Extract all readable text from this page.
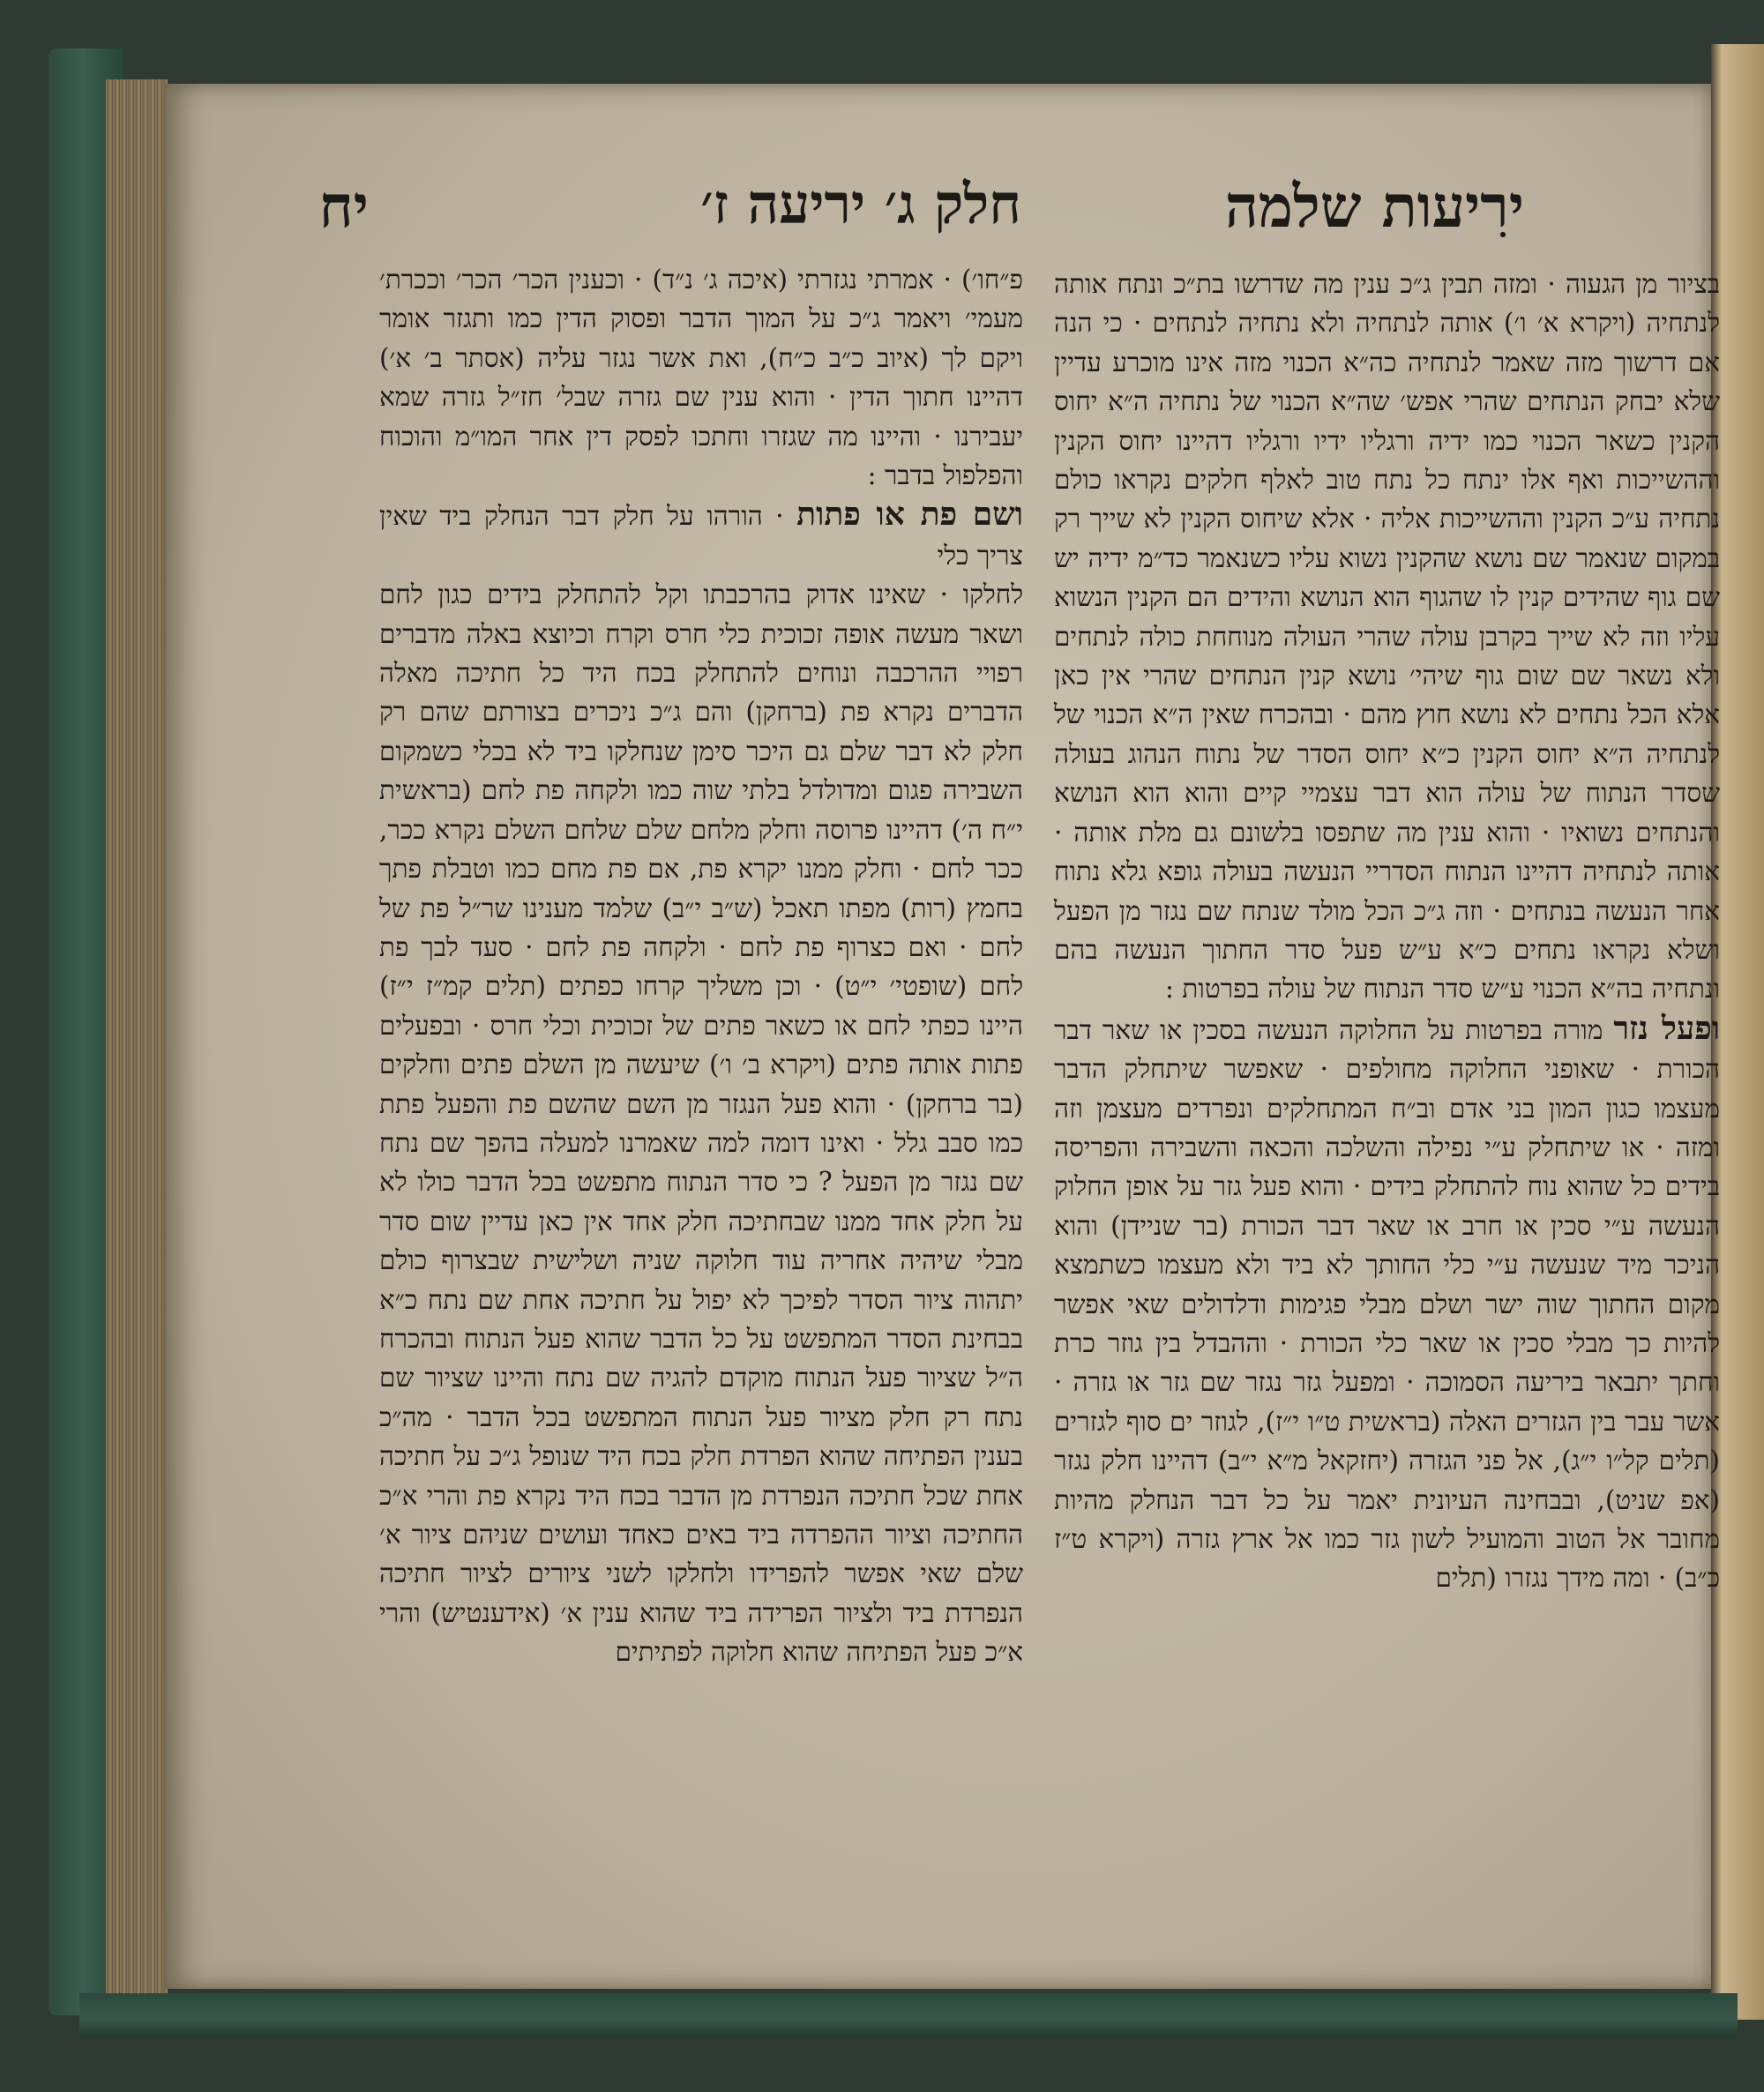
ירִיעות שלמה
חלק ג׳ יריעה ז׳
יח

בציור מן הגעוה · ומזה תבין ג״כ ענין מה שדרשו בת״כ ונתח אותה לנתחיה (ויקרא א׳ ו׳) אותה לנתחיה ולא נתחיה לנתחים · כי הנה אם דרשוך מזה שאמר לנתחיה כה״א הכנוי מזה אינו מוכרע עדיין שלא יבחק הנתחים שהרי אפש׳ שה״א הכנוי של נתחיה ה״א יחוס הקנין כשאר הכנוי כמו ידיה ורגליו ידיו ורגליו דהיינו יחוס הקנין וההשייכות ואף אלו ינתח כל נתח טוב לאלף חלקים נקראו כולם נתחיה ע״כ הקנין וההשייכות אליה · אלא שיחוס הקנין לא שייך רק במקום שנאמר שם נושא שהקנין נשוא עליו כשנאמר כד״מ ידיה יש שם גוף שהידים קנין לו שהגוף הוא הנושא והידים הם הקנין הנשוא עליו וזה לא שייך בקרבן עולה שהרי העולה מנוחחת כולה לנתחים ולא נשאר שם שום גוף שיהי׳ נושא קנין הנתחים שהרי אין כאן אלא הכל נתחים לא נושא חוץ מהם · ובהכרח שאין ה״א הכנוי של לנתחיה ה״א יחוס הקנין כ״א יחוס הסדר של נתוח הנהוג בעולה שסדר הנתוח של עולה הוא דבר עצמיי קיים והוא הוא הנושא והנתחים נשואיו · והוא ענין מה שתפסו בלשונם גם מלת אותה · אותה לנתחיה דהיינו הנתוח הסדריי הנעשה בעולה גופא גלא נתוח אחר הנעשה בנתחים · וזה ג״כ הכל מולד שנתח שם נגזר מן הפעל ושלא נקראו נתחים כ״א ע״ש פעל סדר החתוך הנעשה בהם ונתחיה בה״א הכנוי ע״ש סדר הנתוח של עולה בפרטות :

ופעל נזר מורה בפרטות על החלוקה הנעשה בסכין או שאר דבר הכורת · שאופני החלוקה מחולפים · שאפשר שיתחלק הדבר מעצמו כגון המון בני אדם וב״ח המתחלקים ונפרדים מעצמן וזה ומזה · או שיתחלק ע״י נפילה והשלכה והכאה והשבירה והפריסה בידים כל שהוא נוח להתחלק בידים · והוא פעל גזר על אופן החלוק הנעשה ע״י סכין או חרב או שאר דבר הכורת (בר שניידן) והוא הניכר מיד שנעשה ע״י כלי החותך לא ביד ולא מעצמו כשתמצא מקום החתוך שוה ישר ושלם מבלי פגימות ודלדולים שאי אפשר להיות כך מבלי סכין או שאר כלי הכורת · וההבדל בין גוזר כרת וחתך יתבאר ביריעה הסמוכה · ומפעל גזר נגזר שם גזר או גזרה · אשר עבר בין הגזרים האלה (בראשית ט״ו י״ז), לגוזר ים סוף לגזרים (תלים קל״ו י״ג), אל פני הגזרה (יחזקאל מ״א י״ב) דהיינו חלק נגזר (אפ שניט), ובבחינה העיונית יאמר על כל דבר הנחלק מהיות מחובר אל הטוב והמועיל לשון גזר כמו אל ארץ גזרה (ויקרא ט״ז כ״ב) · ומה מידך נגזרו (תלים

פ״חו׳) · אמרתי נגזרתי (איכה ג׳ נ״ד) · וכענין הכר׳ הכר׳ וככרת׳ מעמי׳ ויאמר ג״כ על המוך הדבר ופסוק הדין כמו ותגזר אומר ויקם לך (איוב כ״ב כ״ח), ואת אשר נגזר עליה (אסתר ב׳ א׳) דהיינו חתוך הדין · והוא ענין שם גזרה שבל׳ חז״ל גזרה שמא יעבירנו · והיינו מה שגזרו וחתכו לפסק דין אחר המו״מ והוכוח והפלפול בדבר :

ושם פת או פתות · הורהו על חלק דבר הנחלק ביד שאין צריך כלי

לחלקו · שאינו אדוק בהרכבתו וקל להתחלק בידים כגון לחם ושאר מעשה אופה זכוכית כלי חרס וקרח וכיוצא באלה מדברים רפויי ההרכבה ונוחים להתחלק בכח היד כל חתיכה מאלה הדברים נקרא פת (ברחקן) והם ג״כ ניכרים בצורתם שהם רק חלק לא דבר שלם גם היכר סימן שנחלקו ביד לא בכלי כשמקום השבירה פגום ומדולדל בלתי שוה כמו ולקחה פת לחם (בראשית י״ח ה׳) דהיינו פרוסה וחלק מלחם שלם שלחם השלם נקרא ככר, ככר לחם · וחלק ממנו יקרא פת, אם פת מחם כמו וטבלת פתך בחמץ (רות) מפתו תאכל (ש״ב י״ב) שלמד מענינו שר״ל פת של לחם · ואם כצרוף פת לחם · ולקחה פת לחם · סעד לבך פת לחם (שופטי׳ י״ט) · וכן משליך קרחו כפתים (תלים קמ״ז י״ז) היינו כפתי לחם או כשאר פתים של זכוכית וכלי חרס · ובפעלים פתות אותה פתים (ויקרא ב׳ ו׳) שיעשה מן השלם פתים וחלקים (בר ברחקן) · והוא פעל הנגזר מן השם שהשם פת והפעל פתת כמו סבב גלל · ואינו דומה למה שאמרנו למעלה בהפך שם נתח שם נגזר מן הפעל ? כי סדר הנתוח מתפשט בכל הדבר כולו לא על חלק אחד ממנו שבחתיכה חלק אחד אין כאן עדיין שום סדר מבלי שיהיה אחריה עוד חלוקה שניה ושלישית שבצרוף כולם יתהוה ציור הסדר לפיכך לא יפול על חתיכה אחת שם נתח כ״א בבחינת הסדר המתפשט על כל הדבר שהוא פעל הנתוח ובהכרח ה״ל שציור פעל הנתוח מוקדם להגיה שם נתח והיינו שציור שם נתח רק חלק מציור פעל הנתוח המתפשט בכל הדבר · מה״כ בענין הפתיחה שהוא הפרדת חלק בכח היד שנופל ג״כ על חתיכה אחת שכל חתיכה הנפרדת מן הדבר בכח היד נקרא פת והרי א״כ החתיכה וציור ההפרדה ביד באים כאחד ועושים שניהם ציור א׳ שלם שאי אפשר להפרידו ולחלקו לשני ציורים לציור חתיכה הנפרדת ביד ולציור הפרידה ביד שהוא ענין א׳ (אידענטיש) והרי א״כ פעל הפתיחה שהוא חלוקה לפתיתים
